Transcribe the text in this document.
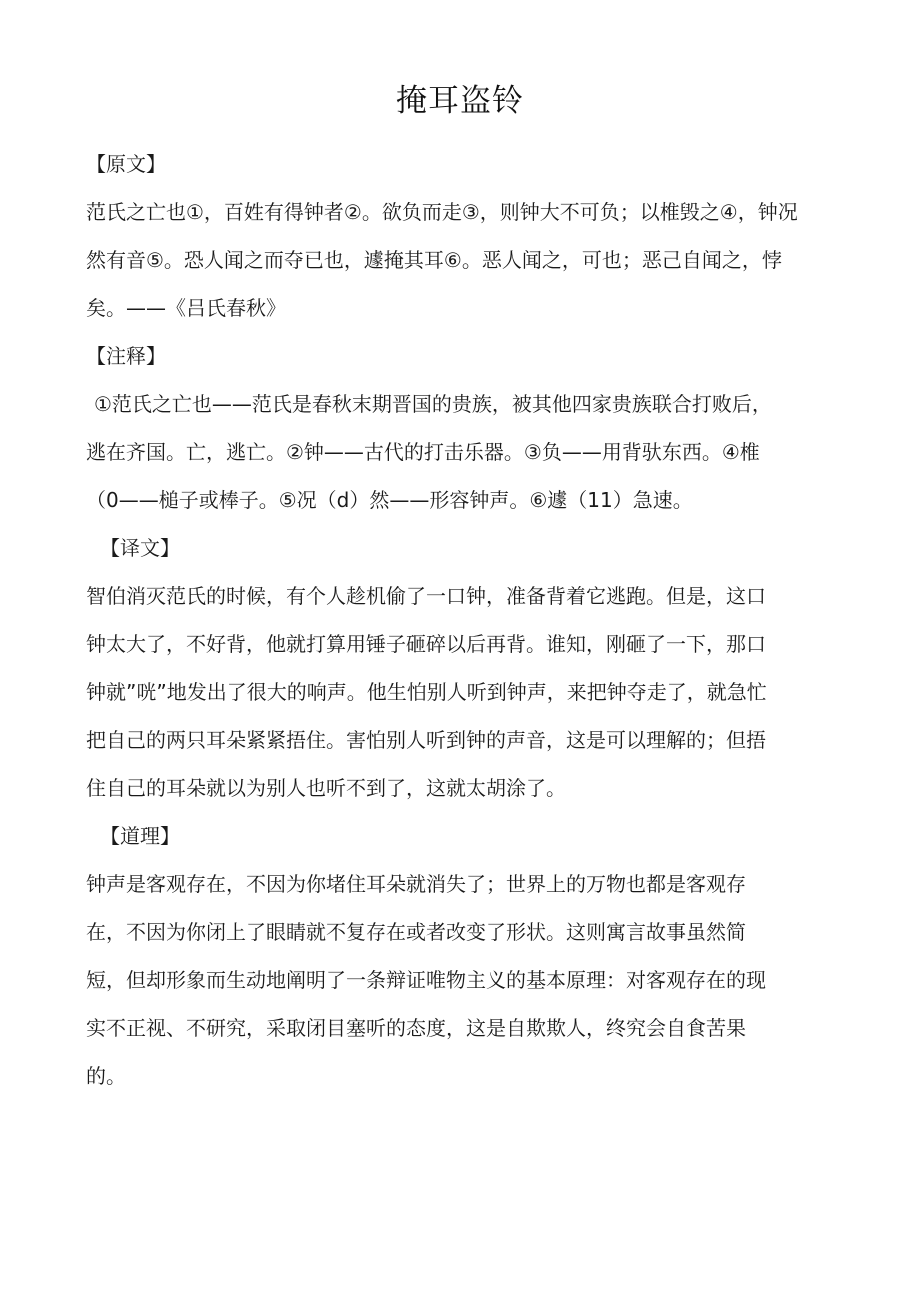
掩耳盗铃
【原文】
范氏之亡也①，百姓有得钟者②。欲负而走③，则钟大不可负；以椎毁之④，钟况
然有音⑤。恐人闻之而夺已也，遽掩其耳⑥。恶人闻之，可也；恶己自闻之，悖
矣。——《吕氏春秋》
【注释】
①范氏之亡也——范氏是春秋末期晋国的贵族，被其他四家贵族联合打败后，
逃在齐国。亡，逃亡。②钟——古代的打击乐器。③负——用背驮东西。④椎
（0——槌子或棒子。⑤况（d）然——形容钟声。⑥遽（11）急速。
【译文】
智伯消灭范氏的时候，有个人趁机偷了一口钟，准备背着它逃跑。但是，这口
钟太大了，不好背，他就打算用锤子砸碎以后再背。谁知，刚砸了一下，那口
钟就”咣”地发出了很大的响声。他生怕别人听到钟声，来把钟夺走了，就急忙
把自己的两只耳朵紧紧捂住。害怕别人听到钟的声音，这是可以理解的；但捂
住自己的耳朵就以为别人也听不到了，这就太胡涂了。
【道理】
钟声是客观存在，不因为你堵住耳朵就消失了；世界上的万物也都是客观存
在，不因为你闭上了眼睛就不复存在或者改变了形状。这则寓言故事虽然简
短，但却形象而生动地阐明了一条辩证唯物主义的基本原理：对客观存在的现
实不正视、不研究，采取闭目塞听的态度，这是自欺欺人，终究会自食苦果
的。
